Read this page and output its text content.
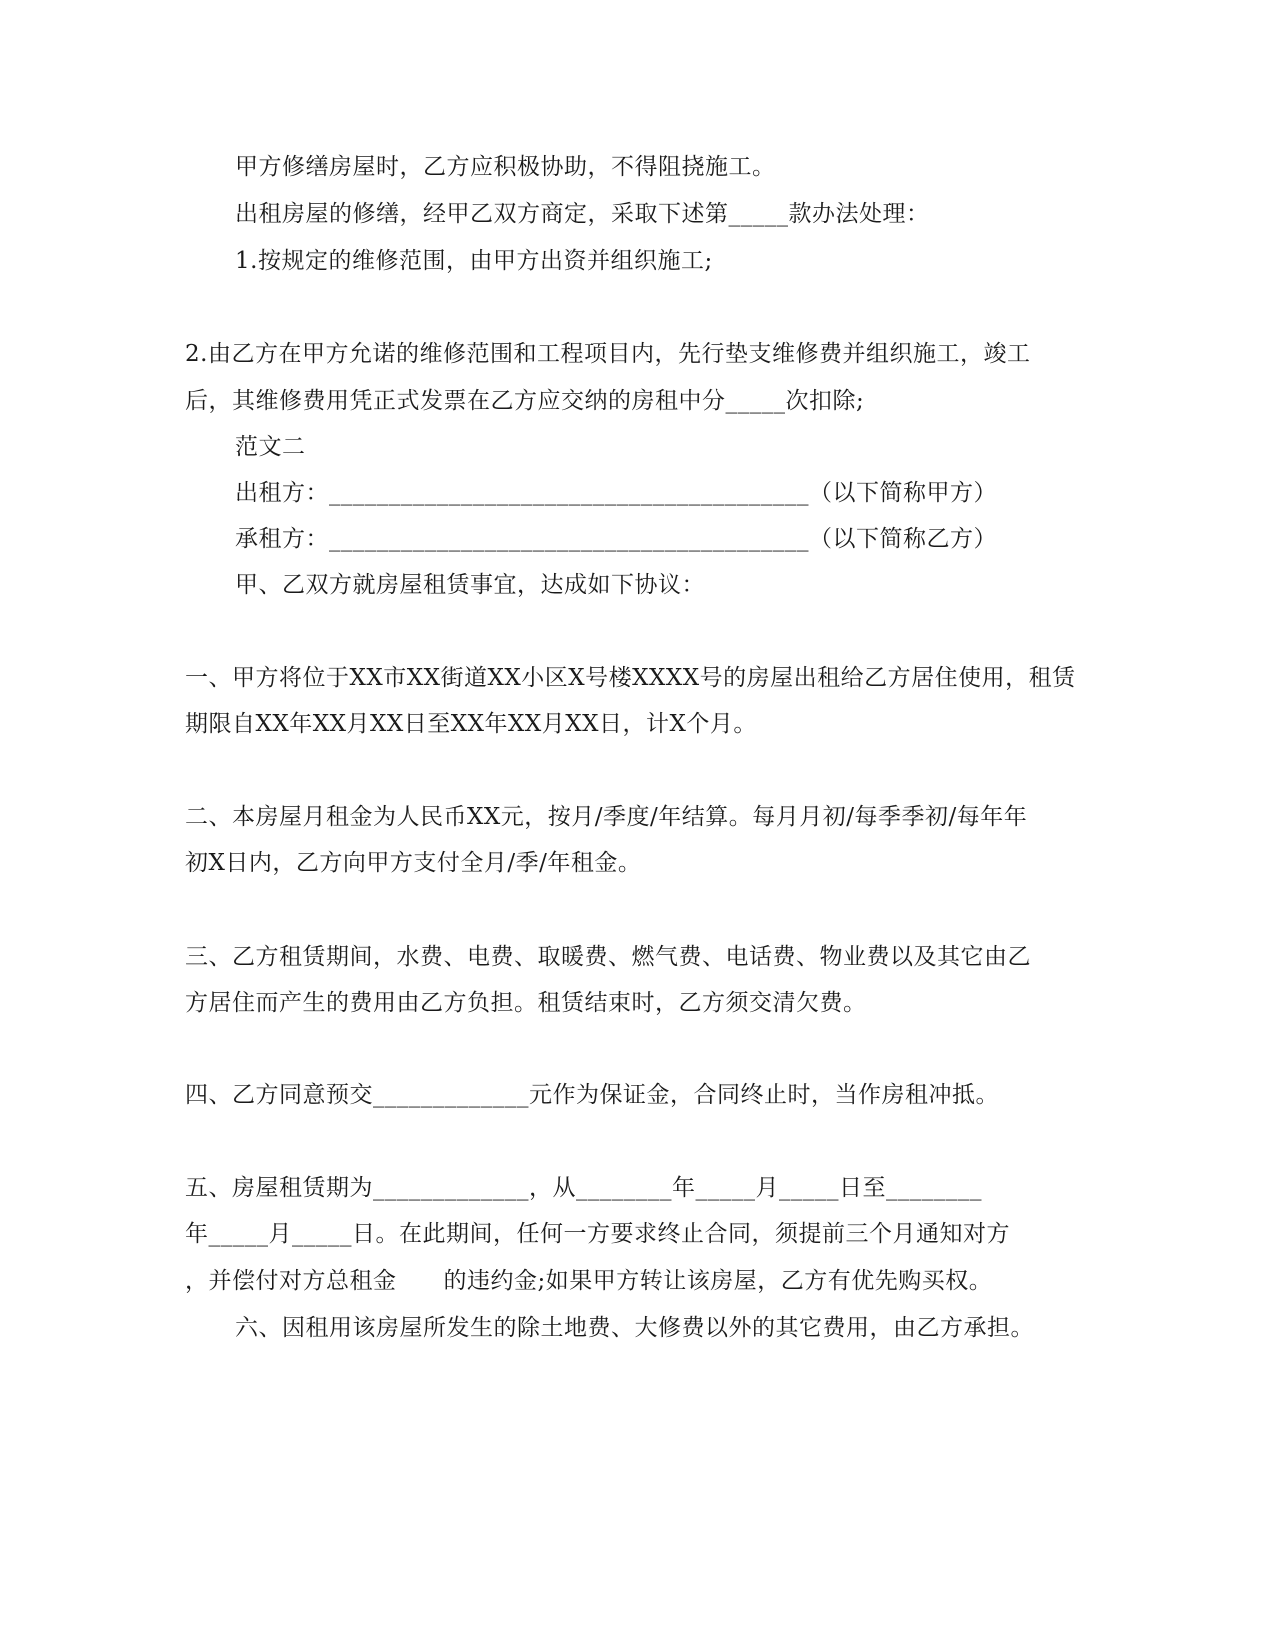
甲方修缮房屋时，乙方应积极协助，不得阻挠施工。
出租房屋的修缮，经甲乙双方商定，采取下述第_____款办法处理：
1.按规定的维修范围，由甲方出资并组织施工;
2.由乙方在甲方允诺的维修范围和工程项目内，先行垫支维修费并组织施工，竣工
后，其维修费用凭正式发票在乙方应交纳的房租中分_____次扣除;
范文二
出租方：________________________________________（以下简称甲方）
承租方：________________________________________（以下简称乙方）
甲、乙双方就房屋租赁事宜，达成如下协议：
一、甲方将位于XX市XX街道XX小区X号楼XXXX号的房屋出租给乙方居住使用，租赁
期限自XX年XX月XX日至XX年XX月XX日，计X个月。
二、本房屋月租金为人民币XX元，按月/季度/年结算。每月月初/每季季初/每年年
初X日内，乙方向甲方支付全月/季/年租金。
三、乙方租赁期间，水费、电费、取暖费、燃气费、电话费、物业费以及其它由乙
方居住而产生的费用由乙方负担。租赁结束时，乙方须交清欠费。
四、乙方同意预交_____________元作为保证金，合同终止时，当作房租冲抵。
五、房屋租赁期为_____________，从________年_____月_____日至________
年_____月_____日。在此期间，任何一方要求终止合同，须提前三个月通知对方
，并偿付对方总租金　　的违约金;如果甲方转让该房屋，乙方有优先购买权。
六、因租用该房屋所发生的除土地费、大修费以外的其它费用，由乙方承担。
